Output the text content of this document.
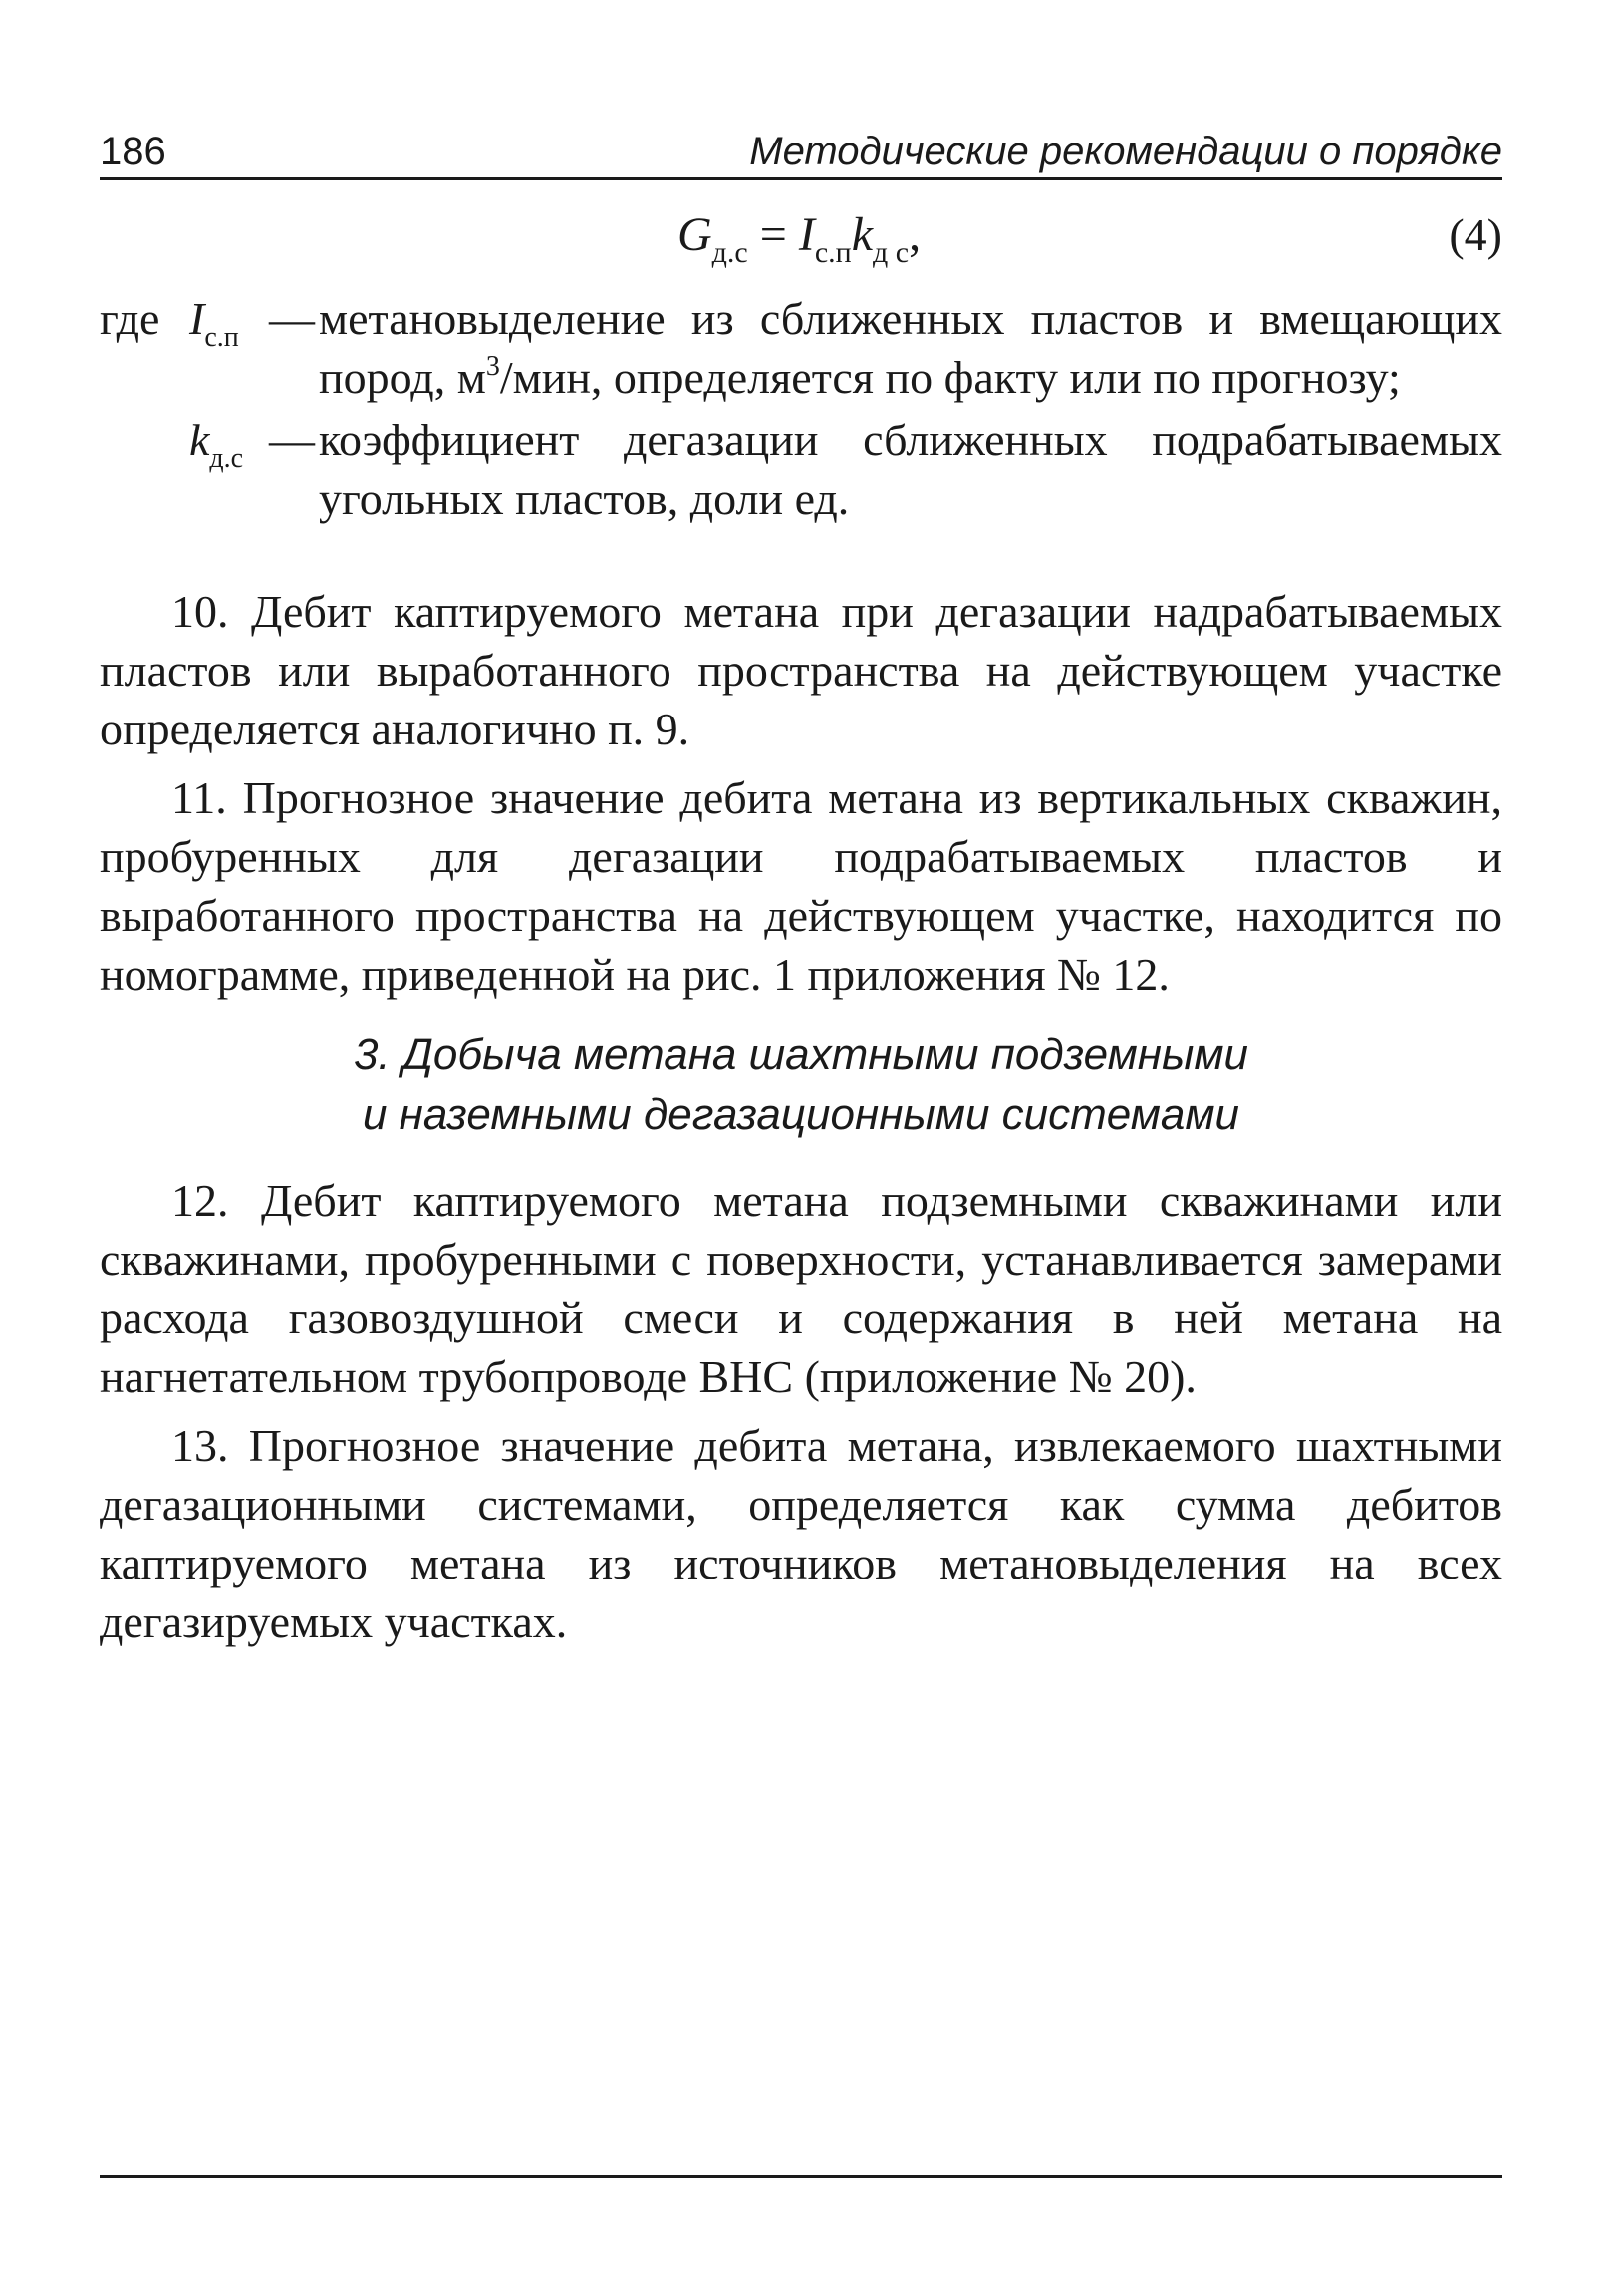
186	Методические рекомендации о порядке
$G_{д.с} = I_{с.п}k_{д с}$,	(4)
где $I_{с.п}$ — метановыделение из сближенных пластов и вмещающих пород, $м^3$/мин, определяется по факту или по прогнозу;
$k_{д.с}$ — коэффициент дегазации сближенных подрабатываемых угольных пластов, доли ед.

10. Дебит каптируемого метана при дегазации надрабатываемых пластов или выработанного пространства на действующем участке определяется аналогично п. 9.

11. Прогнозное значение дебита метана из вертикальных скважин, пробуренных для дегазации подрабатываемых пластов и выработанного пространства на действующем участке, находится по номограмме, приведенной на рис. 1 приложения № 12.

3. Добыча метана шахтными подземными
и наземными дегазационными системами

12. Дебит каптируемого метана подземными скважинами или скважинами, пробуренными с поверхности, устанавливается замерами расхода газовоздушной смеси и содержания в ней метана на нагнетательном трубопроводе ВНС (приложение № 20).

13. Прогнозное значение дебита метана, извлекаемого шахтными дегазационными системами, определяется как сумма дебитов каптируемого метана из источников метановыделения на всех дегазируемых участках.
